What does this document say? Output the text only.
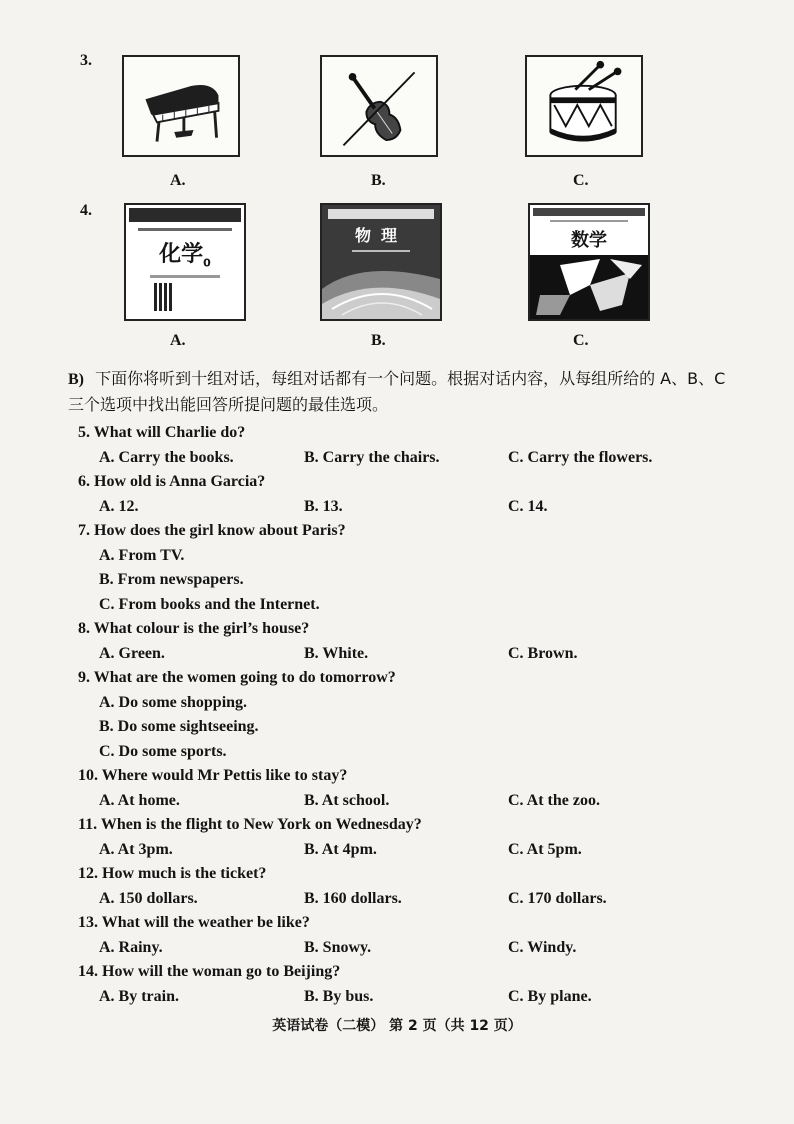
3.
A.	B.	C.
4.
化学$_0$
物理	数学
A.	B.	C.
B) 下面你将听到十组对话，每组对话都有一个问题。根据对话内容，从每组所给的 A、B、C 三个选项中找出能回答所提问题的最佳选项。
5. What will Charlie do?
A. Carry the books.	B. Carry the chairs.	C. Carry the flowers.
6. How old is Anna Garcia?
A. 12.	B. 13.	C. 14.
7. How does the girl know about Paris?
A. From TV.
B. From newspapers.
C. From books and the Internet.
8. What colour is the girl’s house?
A. Green.	B. White.	C. Brown.
9. What are the women going to do tomorrow?
A. Do some shopping.
B. Do some sightseeing.
C. Do some sports.
10. Where would Mr Pettis like to stay?
A. At home.	B. At school.	C. At the zoo.
11. When is the flight to New York on Wednesday?
A. At 3pm.	B. At 4pm.	C. At 5pm.
12. How much is the ticket?
A. 150 dollars.	B. 160 dollars.	C. 170 dollars.
13. What will the weather be like?
A. Rainy.	B. Snowy.	C. Windy.
14. How will the woman go to Beijing?
A. By train.	B. By bus.	C. By plane.
英语试卷（二模） 第 2 页（共 12 页）
